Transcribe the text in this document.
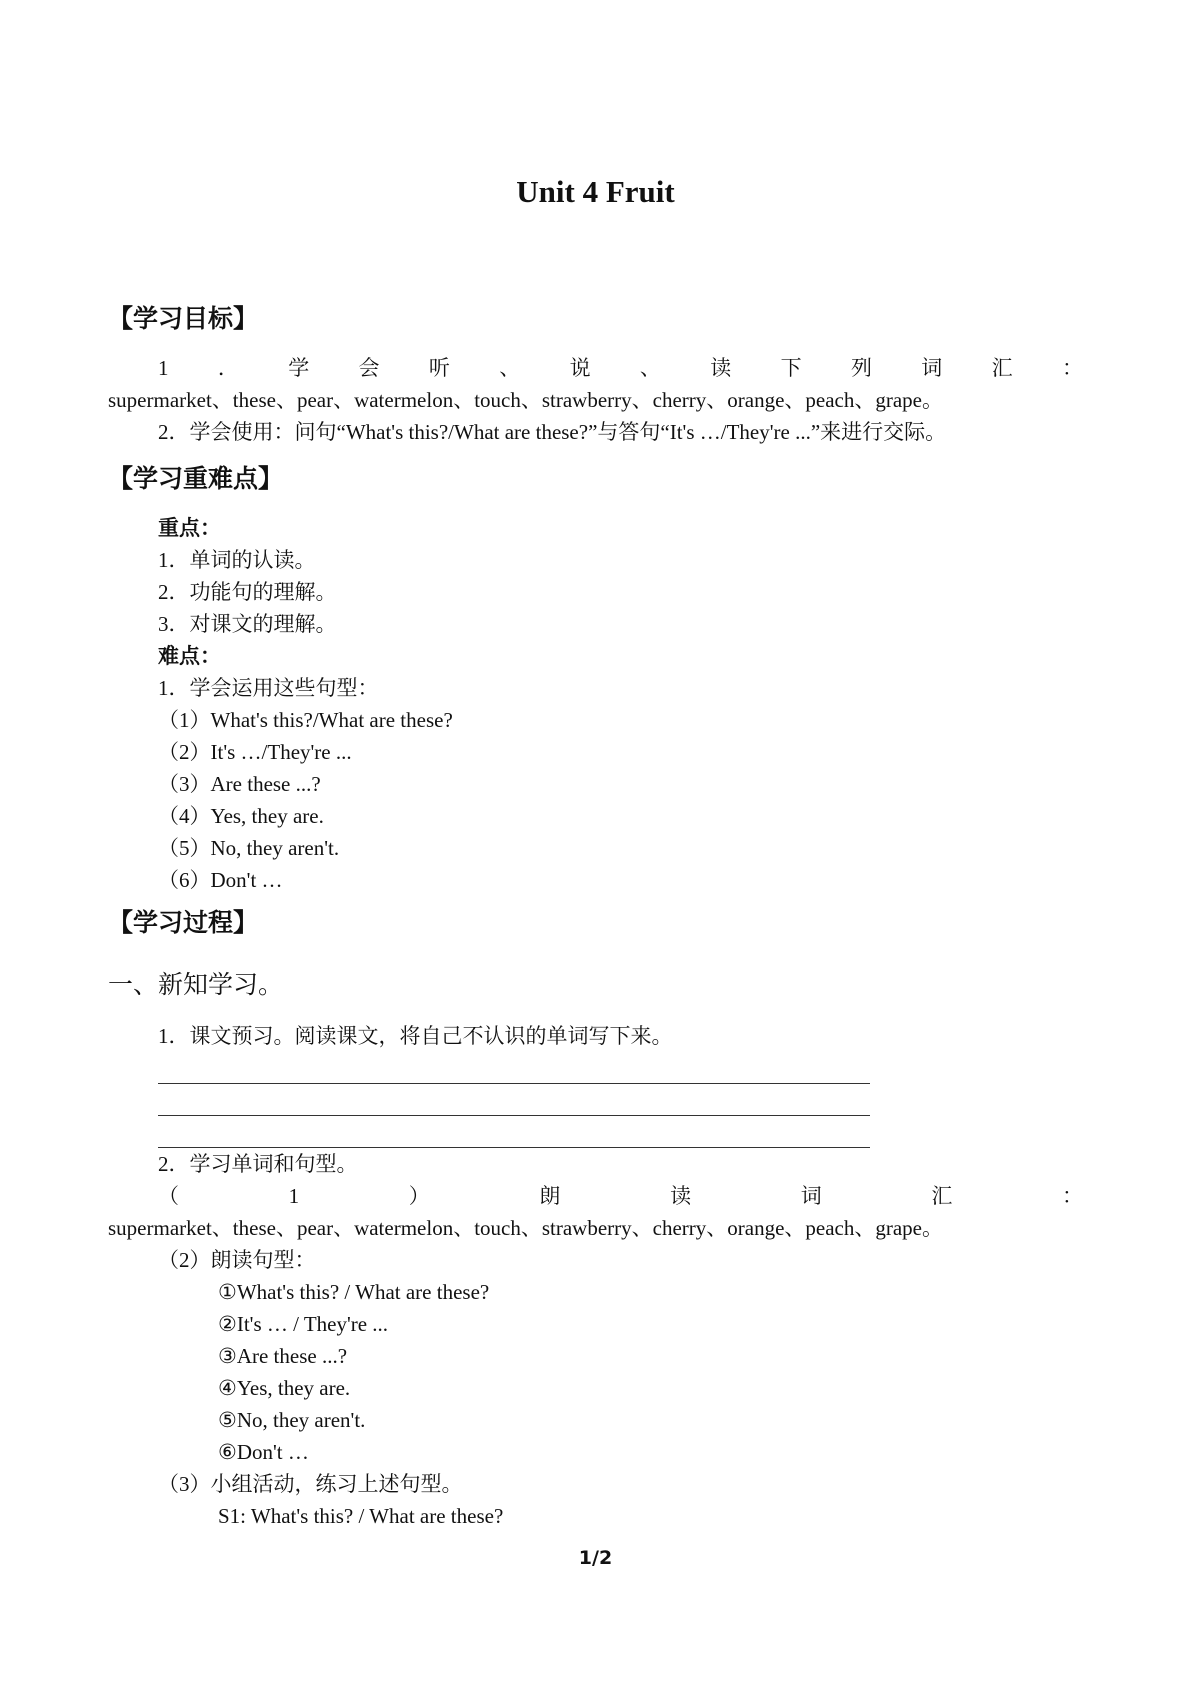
Unit 4 Fruit
【学习目标】
1．学会听、说、读下列词汇：
supermarket、these、pear、watermelon、touch、strawberry、cherry、orange、peach、grape。
2．学会使用：问句“What's this?/What are these?”与答句“It's …/They're ...”来进行交际。
【学习重难点】
重点：
1．单词的认读。
2．功能句的理解。
3．对课文的理解。
难点：
1．学会运用这些句型：
（1）What's this?/What are these?
（2）It's …/They're ...
（3）Are these ...?
（4）Yes, they are.
（5）No, they aren't.
（6）Don't …
【学习过程】
一、新知学习。
1．课文预习。阅读课文，将自己不认识的单词写下来。
2．学习单词和句型。
（1）朗读词汇：
supermarket、these、pear、watermelon、touch、strawberry、cherry、orange、peach、grape。
（2）朗读句型：
①What's this? / What are these?
②It's … / They're ...
③Are these ...?
④Yes, they are.
⑤No, they aren't.
⑥Don't …
（3）小组活动，练习上述句型。
S1: What's this? / What are these?
1/2
